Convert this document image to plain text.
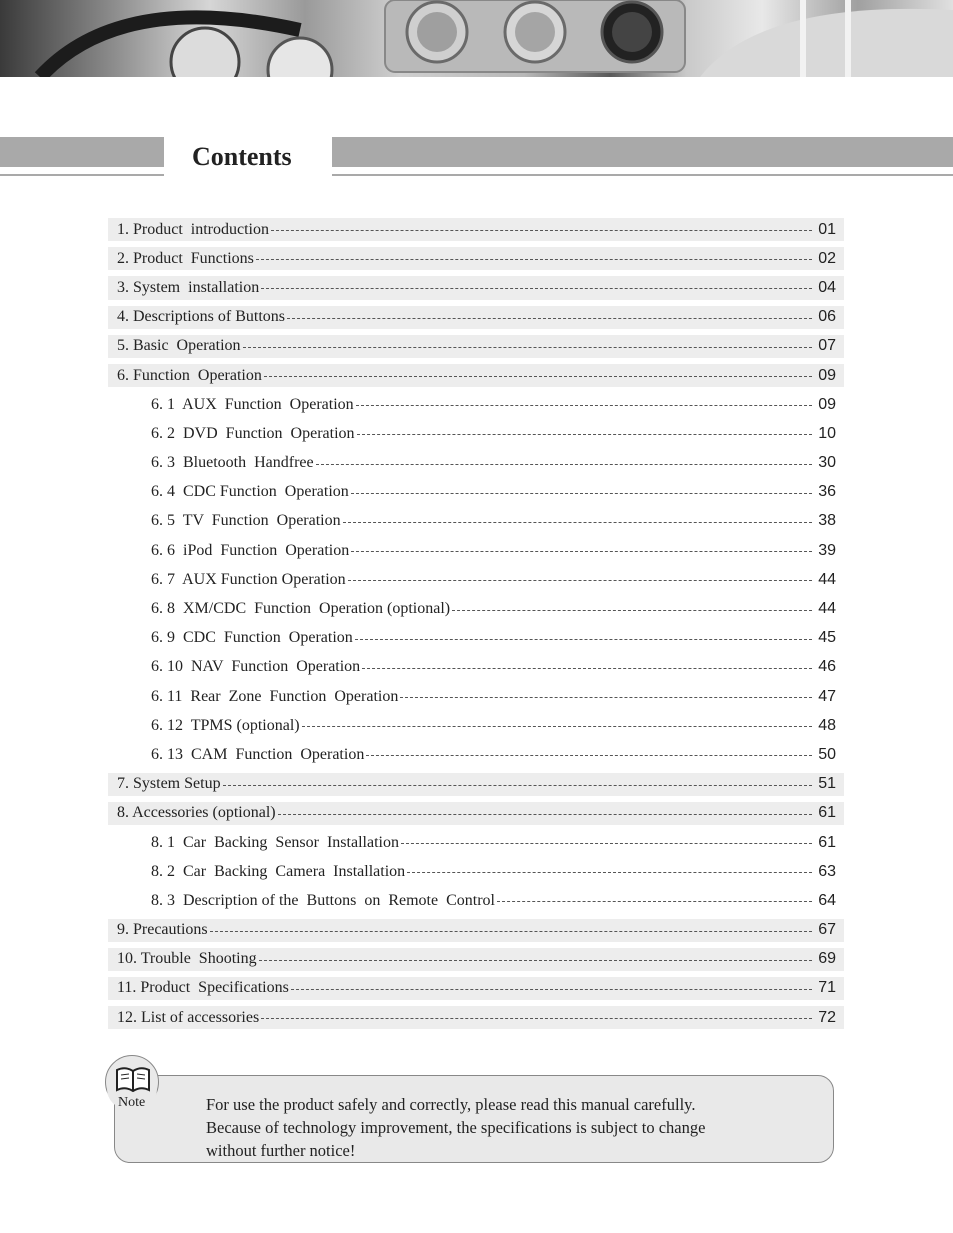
Contents
1. Product  introduction	01
2. Product  Functions	02
3. System  installation	04
4. Descriptions of Buttons	06
5. Basic  Operation	07
6. Function  Operation	09
6. 1  AUX  Function  Operation	09
6. 2  DVD  Function  Operation	10
6. 3  Bluetooth  Handfree	30
6. 4  CDC Function  Operation	36
6. 5  TV  Function  Operation	38
6. 6  iPod  Function  Operation	39
6. 7  AUX Function Operation	44
6. 8  XM/CDC  Function  Operation (optional)	44
6. 9  CDC  Function  Operation	45
6. 10  NAV  Function  Operation	46
6. 11  Rear  Zone  Function  Operation	47
6. 12  TPMS (optional)	48
6. 13  CAM  Function  Operation	50
7. System Setup	51
8. Accessories (optional)	61
8. 1  Car  Backing  Sensor  Installation	61
8. 2  Car  Backing  Camera  Installation	63
8. 3  Description of the  Buttons  on  Remote  Control	64
9. Precautions	67
10. Trouble  Shooting	69
11. Product  Specifications	71
12. List of accessories	72
Note	For use the product safely and correctly, please read this manual carefully.
Because of technology improvement, the specifications is subject to change
without further notice!
